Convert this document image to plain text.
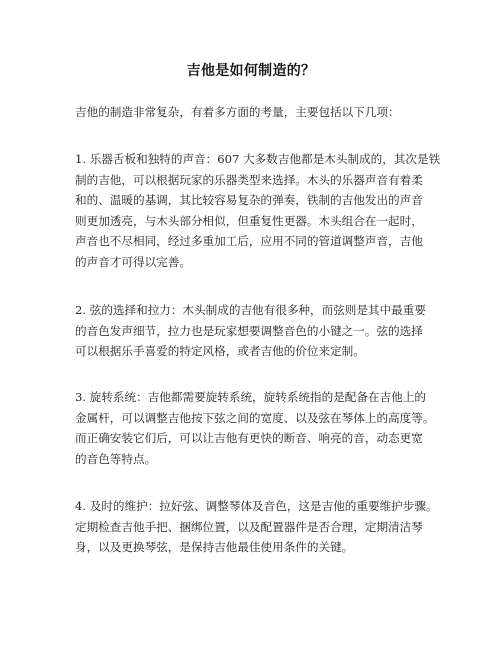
吉他是如何制造的？
吉他的制造非常复杂，有着多方面的考量，主要包括以下几项：
1. 乐器舌板和独特的声音：607 大多数吉他都是木头制成的，其次是铁
制的吉他，可以根据玩家的乐器类型来选择。木头的乐器声音有着柔
和的、温暖的基调，其比较容易复杂的弹奏，铁制的吉他发出的声音
则更加透亮，与木头部分相似，但重复性更器。木头组合在一起时，
声音也不尽相同，经过多重加工后，应用不同的管道调整声音，吉他
的声音才可得以完善。
2. 弦的选择和拉力：木头制成的吉他有很多种，而弦则是其中最重要
的音色发声细节，拉力也是玩家想要调整音色的小键之一。弦的选择
可以根据乐手喜爱的特定风格，或者吉他的价位来定制。
3. 旋转系统：吉他都需要旋转系统，旋转系统指的是配备在吉他上的
金属杆，可以调整吉他按下弦之间的宽度、以及弦在琴体上的高度等。
而正确安装它们后，可以让吉他有更快的断音、响亮的音，动态更宽
的音色等特点。
4. 及时的维护：拉好弦、调整琴体及音色，这是吉他的重要维护步骤。
定期检查吉他手把、捆绑位置，以及配置器件是否合理，定期清洁琴
身，以及更换琴弦，是保持吉他最佳使用条件的关键。
